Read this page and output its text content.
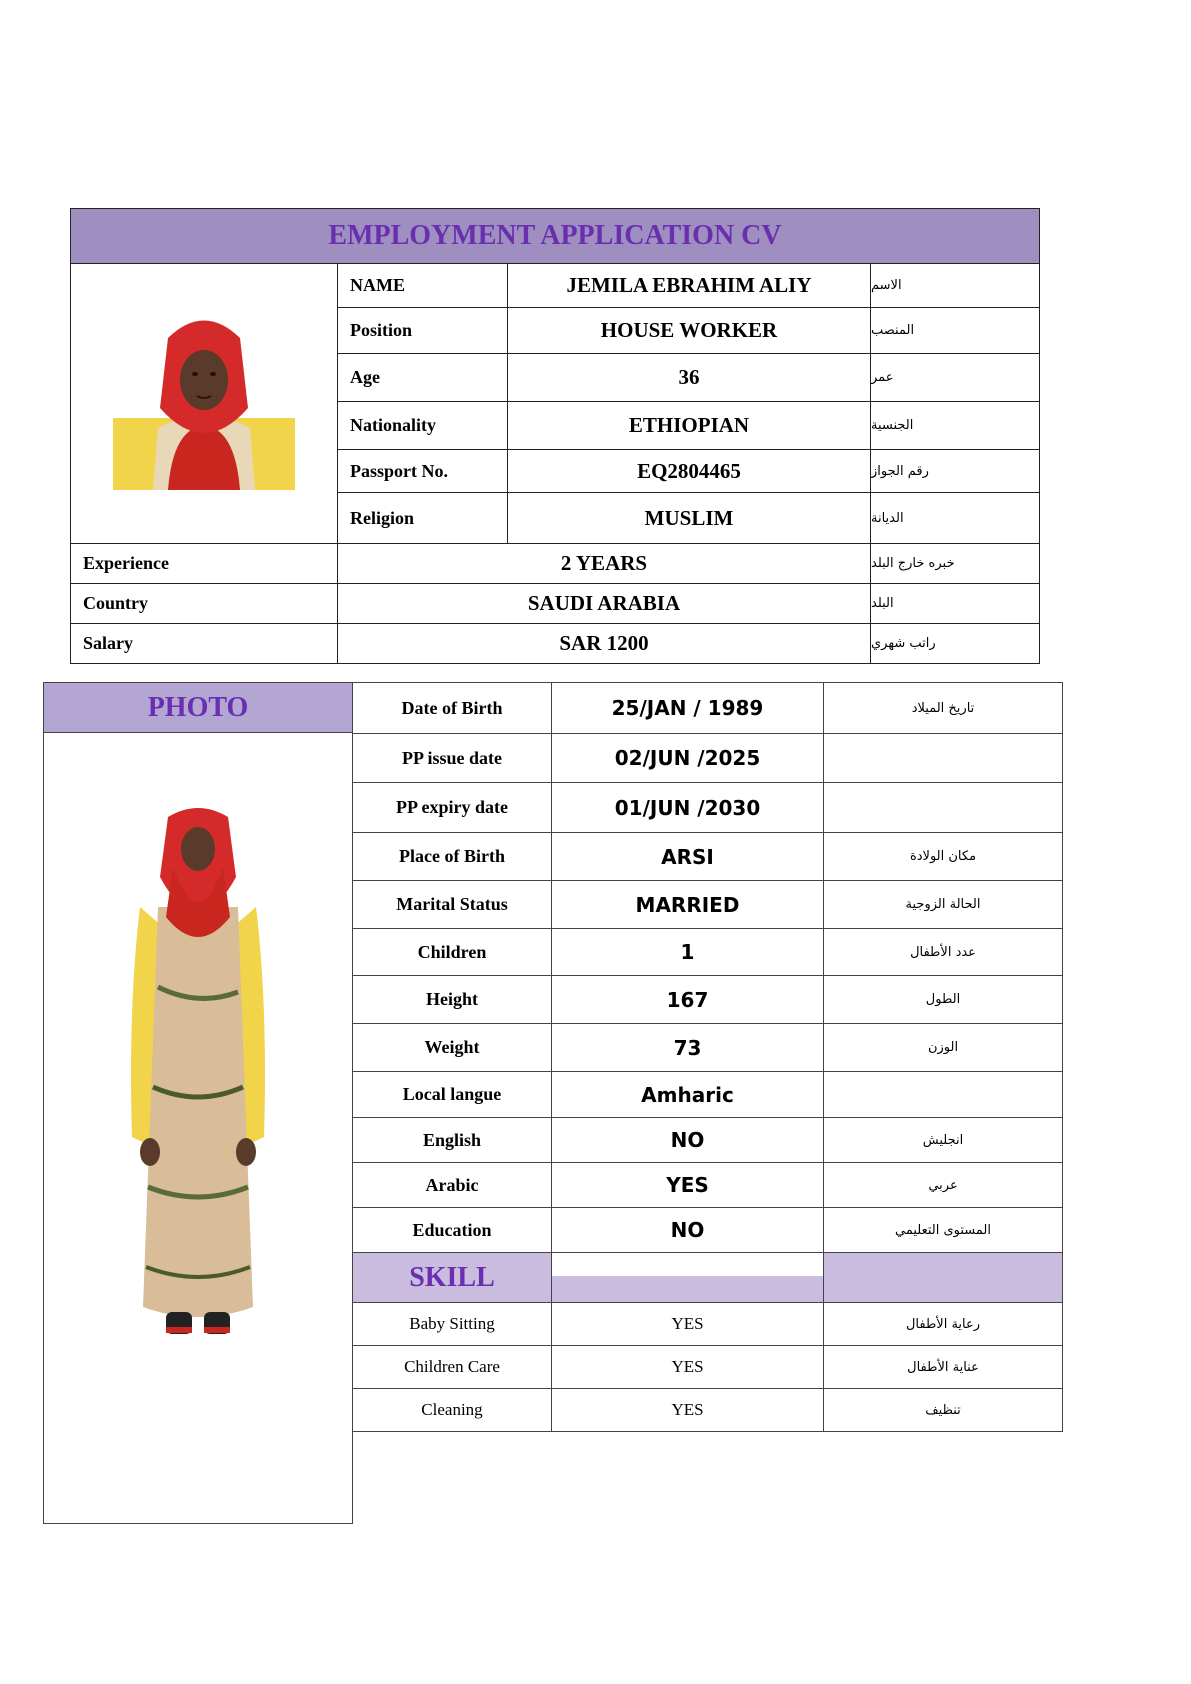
EMPLOYMENT APPLICATION CV
NAME	JEMILA EBRAHIM ALIY	الاسم
Position	HOUSE WORKER	المنصب
Age	36	عمر
Nationality	ETHIOPIAN	الجنسية
Passport No.	EQ2804465	رقم الجواز
Religion	MUSLIM	الديانة
Experience	2 YEARS	خبره خارج البلد
Country	SAUDI ARABIA	البلد
Salary	SAR 1200	راتب شهري
PHOTO	Date of Birth	25/JAN / 1989	تاريخ الميلاد
PP issue date	02/JUN /2025
PP expiry date	01/JUN /2030
Place of Birth	ARSI	مكان الولادة
Marital Status	MARRIED	الحالة الزوجية
Children	1	عدد الأطفال
Height	167	الطول
Weight	73	الوزن
Local langue	Amharic
English	NO	انجليش
Arabic	YES	عربي
Education	NO	المستوى التعليمي
SKILL
Baby Sitting	YES	رعاية الأطفال
Children Care	YES	عناية الأطفال
Cleaning	YES	تنظيف
